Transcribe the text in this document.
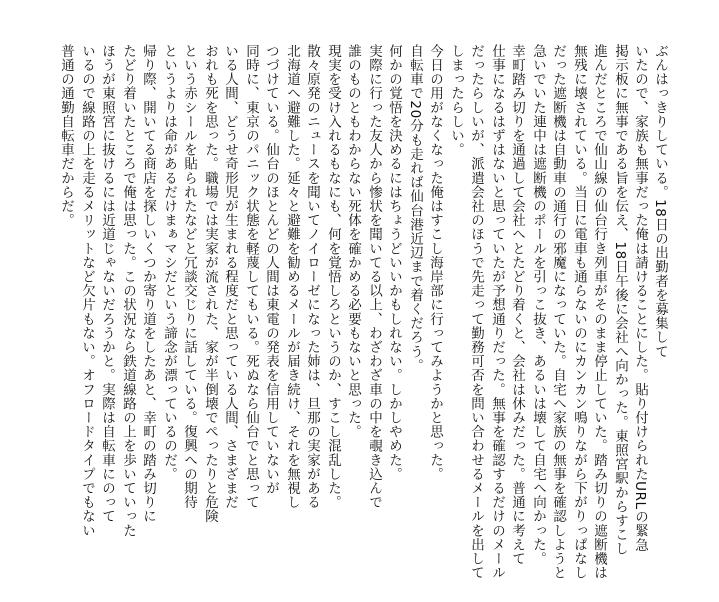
ぶんはっきりしている。18日の出勤者を募集して
いたので、家族も無事だった俺は請けることにした。貼り付けられたURLの緊急
掲示板に無事である旨を伝え、18日午後に会社へ向かった。東照宮駅からすこし
進んだところで仙山線の仙台行き列車がそのまま停止していた。踏み切りの遮断機は
無残に壊されている。当日に電車も通らないのにカンカン鳴りながら下がりっぱなし
だった遮断機は自動車の通行の邪魔になっていた。自宅へ家族の無事を確認しようと
急いでいた連中は遮断機のポールを引っこ抜き、あるいは壊して自宅へ向かった。
幸町踏み切りを通過して会社へとたどり着くと、会社は休みだった。普通に考えて
仕事になるはずはないと思っていたが予想通りだった。無事を確認するだけのメール
だったらしいが、派遣会社のほうで先走って勤務可否を問い合わせるメールを出して
しまったらしい。
今日の用がなくなった俺はすこし海岸部に行ってみようかと思った。
自転車で20分も走れば仙台港近辺まで着くだろう。
何かの覚悟を決めるにはちょうどいいかもしれない。しかしやめた。
実際に行った友人から惨状を聞いてる以上、わざわざ車の中を覗き込んで
誰のものともわからない死体を確かめる必要もないと思った。
現実を受け入れるもなにも、何を覚悟しろというのか、すこし混乱した。
散々原発のニュースを聞いてノイローゼになった姉は、旦那の実家がある
北海道へ避難した。延々と避難を勧めるメールが届き続け、それを無視し
つづけている。仙台のほとんどの人間は東電の発表を信用していないが
同時に、東京のパニック状態を軽蔑してもいる。死ぬなら仙台でと思って
いる人間、どうせ奇形児が生まれる程度だと思っている人間、さまざまだ
おれも死を思った。職場では実家が流された、家が半倒壊でぺったりと危険
という赤シールを貼られたなどと冗談交じりに話している。復興への期待
というよりは命があるだけまぁマシだという諦念が漂っているのだ。
帰り際、開いてる商店を探しいくつか寄り道をしたあと、幸町の踏み切りに
たどり着いたところで俺は思った。この状況なら鉄道線路の上を歩いていった
ほうが東照宮に抜けるには近道じゃないだろうかと。実際は自転車にのって
いるので線路の上を走るメリットなど欠片もない。オフロードタイプでもない
普通の通勤自転車だからだ。
